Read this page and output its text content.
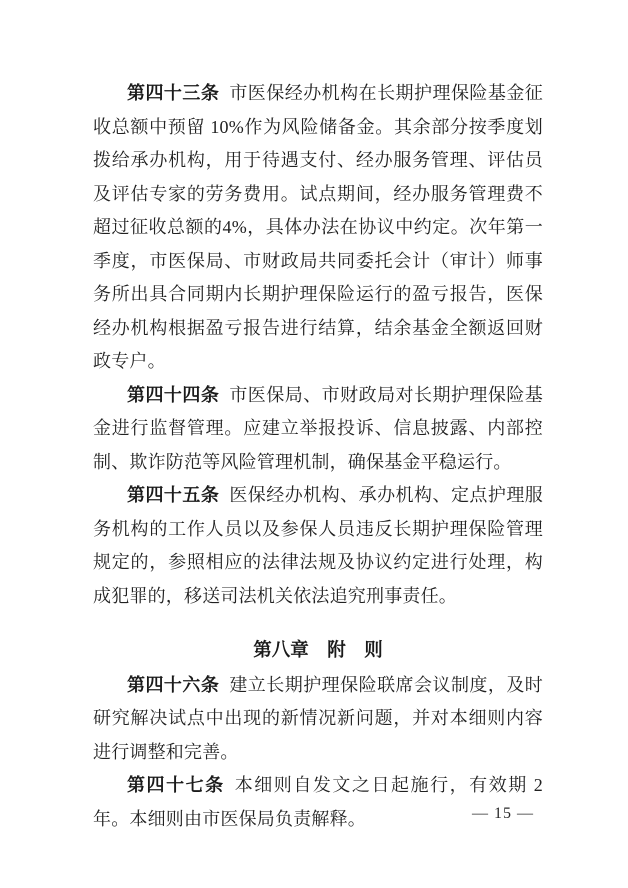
第四十三条 市医保经办机构在长期护理保险基金征收总额中预留 10%作为风险储备金。其余部分按季度划拨给承办机构，用于待遇支付、经办服务管理、评估员及评估专家的劳务费用。试点期间，经办服务管理费不超过征收总额的4%，具体办法在协议中约定。次年第一季度，市医保局、市财政局共同委托会计（审计）师事务所出具合同期内长期护理保险运行的盈亏报告，医保经办机构根据盈亏报告进行结算，结余基金全额返回财政专户。

第四十四条 市医保局、市财政局对长期护理保险基金进行监督管理。应建立举报投诉、信息披露、内部控制、欺诈防范等风险管理机制，确保基金平稳运行。

第四十五条 医保经办机构、承办机构、定点护理服务机构的工作人员以及参保人员违反长期护理保险管理规定的，参照相应的法律法规及协议约定进行处理，构成犯罪的，移送司法机关依法追究刑事责任。

第八章　附　则

第四十六条 建立长期护理保险联席会议制度，及时研究解决试点中出现的新情况新问题，并对本细则内容进行调整和完善。

第四十七条 本细则自发文之日起施行，有效期 2 年。本细则由市医保局负责解释。	— 15 —
